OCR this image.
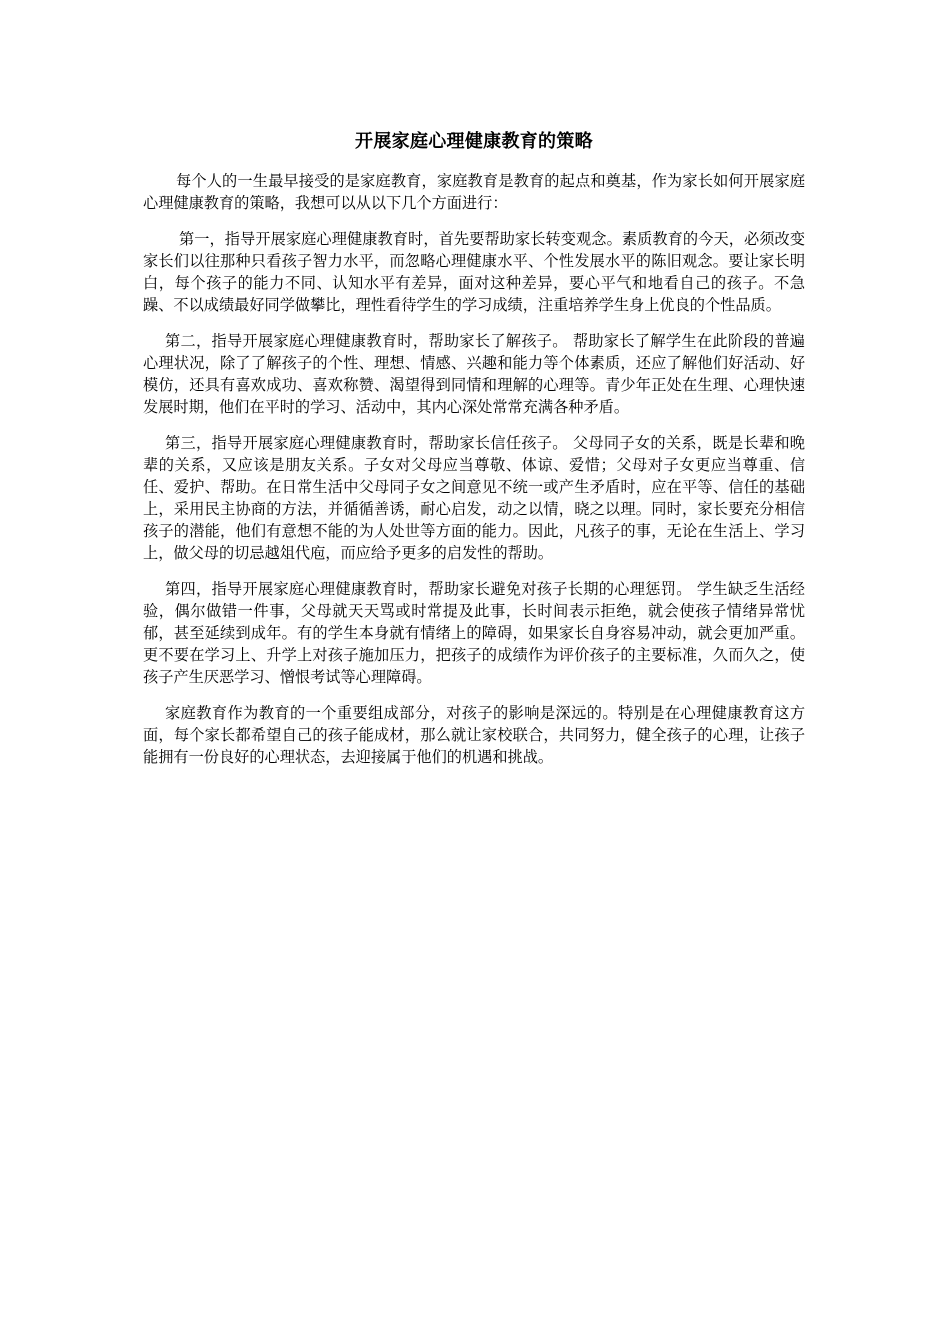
开展家庭心理健康教育的策略

每个人的一生最早接受的是家庭教育，家庭教育是教育的起点和奠基，作为家长如何开展家庭心理健康教育的策略，我想可以从以下几个方面进行：

第一，指导开展家庭心理健康教育时，首先要帮助家长转变观念。素质教育的今天，必须改变家长们以往那种只看孩子智力水平，而忽略心理健康水平、个性发展水平的陈旧观念。要让家长明白，每个孩子的能力不同、认知水平有差异，面对这种差异，要心平气和地看自己的孩子。不急躁、不以成绩最好同学做攀比，理性看待学生的学习成绩，注重培养学生身上优良的个性品质。

第二，指导开展家庭心理健康教育时，帮助家长了解孩子。 帮助家长了解学生在此阶段的普遍心理状况，除了了解孩子的个性、理想、情感、兴趣和能力等个体素质，还应了解他们好活动、好模仿，还具有喜欢成功、喜欢称赞、渴望得到同情和理解的心理等。青少年正处在生理、心理快速发展时期，他们在平时的学习、活动中，其内心深处常常充满各种矛盾。

第三，指导开展家庭心理健康教育时，帮助家长信任孩子。 父母同子女的关系，既是长辈和晚辈的关系，又应该是朋友关系。子女对父母应当尊敬、体谅、爱惜；父母对子女更应当尊重、信任、爱护、帮助。在日常生活中父母同子女之间意见不统一或产生矛盾时，应在平等、信任的基础上，采用民主协商的方法，并循循善诱，耐心启发，动之以情，晓之以理。同时，家长要充分相信孩子的潜能，他们有意想不能的为人处世等方面的能力。因此，凡孩子的事，无论在生活上、学习上，做父母的切忌越俎代庖，而应给予更多的启发性的帮助。

第四，指导开展家庭心理健康教育时，帮助家长避免对孩子长期的心理惩罚。 学生缺乏生活经验，偶尔做错一件事，父母就天天骂或时常提及此事，长时间表示拒绝，就会使孩子情绪异常忧郁，甚至延续到成年。有的学生本身就有情绪上的障碍，如果家长自身容易冲动，就会更加严重。更不要在学习上、升学上对孩子施加压力，把孩子的成绩作为评价孩子的主要标准，久而久之，使孩子产生厌恶学习、憎恨考试等心理障碍。

家庭教育作为教育的一个重要组成部分，对孩子的影响是深远的。特别是在心理健康教育这方面，每个家长都希望自己的孩子能成材，那么就让家校联合，共同努力，健全孩子的心理，让孩子能拥有一份良好的心理状态，去迎接属于他们的机遇和挑战。
